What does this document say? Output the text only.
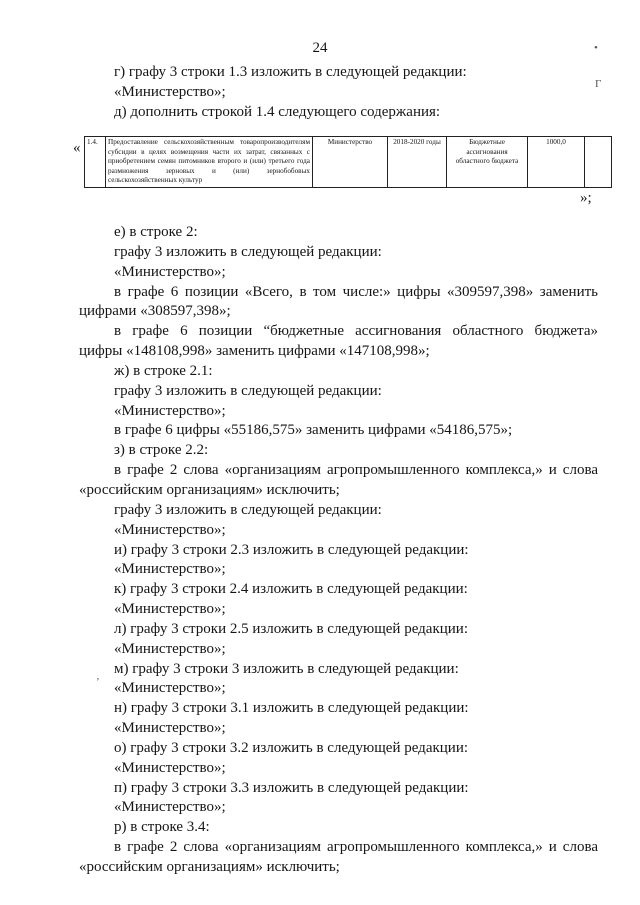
24	•
Г
’
г) графу 3 строки 1.3 изложить в следующей редакции:
«Министерство»;
д) дополнить строкой 1.4 следующего содержания:
« 1.4.	Предоставление сельскохозяйственным товаропроизводителям субсидии в целях возмещения части их затрат, связанных с приобретением семян питомников второго и (или) третьего года размножения зерновых и (или) зернобобовых сельскохозяйственных культур	Министерство	2018-2020 годы	Бюджетные ассигнования областного бюджета	1000,0	
»;
е) в строке 2:
графу 3 изложить в следующей редакции:
«Министерство»;
в графе 6 позиции «Всего, в том числе:» цифры «309597,398» заменить
цифрами «308597,398»;
в графе 6 позиции “бюджетные ассигнования областного бюджета»
цифры «148108,998» заменить цифрами «147108,998»;
ж) в строке 2.1:
графу 3 изложить в следующей редакции:
«Министерство»;
в графе 6 цифры «55186,575» заменить цифрами «54186,575»;
з) в строке 2.2:
в графе 2 слова «организациям агропромышленного комплекса,» и слова
«российским организациям» исключить;
графу 3 изложить в следующей редакции:
«Министерство»;
и) графу 3 строки 2.3 изложить в следующей редакции:
«Министерство»;
к) графу 3 строки 2.4 изложить в следующей редакции:
«Министерство»;
л) графу 3 строки 2.5 изложить в следующей редакции:
«Министерство»;
м) графу 3 строки 3 изложить в следующей редакции:
«Министерство»;
н) графу 3 строки 3.1 изложить в следующей редакции:
«Министерство»;
о) графу 3 строки 3.2 изложить в следующей редакции:
«Министерство»;
п) графу 3 строки 3.3 изложить в следующей редакции:
«Министерство»;
р) в строке 3.4:
в графе 2 слова «организациям агропромышленного комплекса,» и слова
«российским организациям» исключить;
